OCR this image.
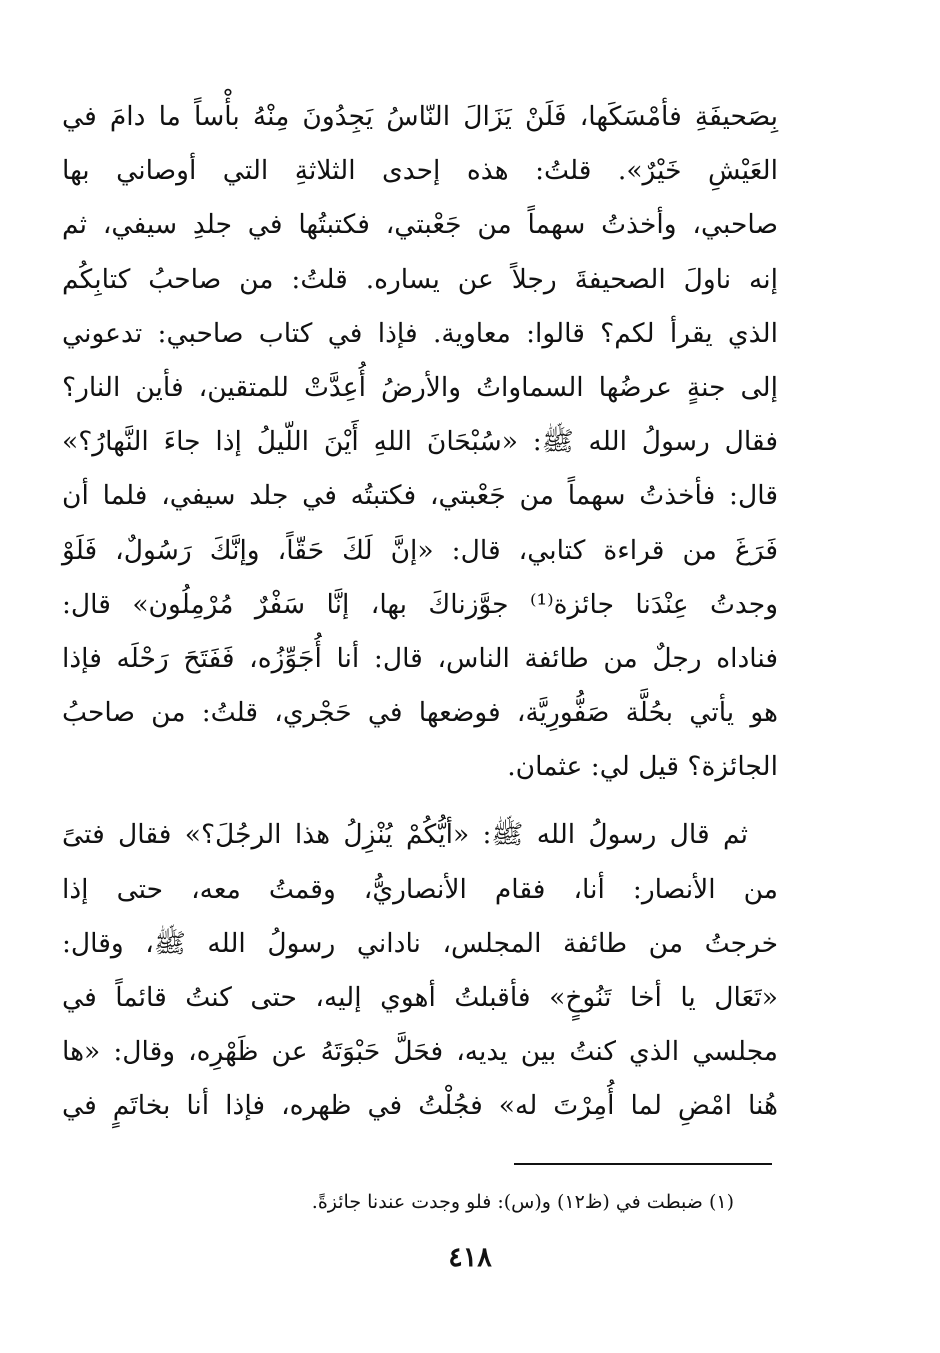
بِصَحيفَةِ فأمْسَكَها، فَلَنْ يَزَالَ النّاسُ يَجِدُونَ مِنْهُ بأْساً ما دامَ في
العَيْشِ خَيْرٌ». قلتُ: هذه إحدى الثلاثةِ التي أوصاني بها
صاحبي، وأخذتُ سهماً من جَعْبتي، فكتبتُها في جلدِ سيفي، ثم
إنه ناولَ الصحيفةَ رجلاً عن يساره. قلتُ: من صاحبُ كتابِكُم
الذي يقرأ لكم؟ قالوا: معاوية. فإذا في كتاب صاحبي: تدعوني
إلى جنةٍ عرضُها السماواتُ والأرضُ أُعِدَّتْ للمتقين، فأين النار؟
فقال رسولُ الله ﷺ: «سُبْحَانَ اللهِ أَيْنَ اللّيلُ إذا جاءَ النَّهارُ؟»
قال: فأخذتُ سهماً من جَعْبتي، فكتبتُه في جلد سيفي، فلما أن
فَرَغَ من قراءة كتابي، قال: «إنَّ لَكَ حَقّاً، وإنَّكَ رَسُولٌ، فَلَوْ
وجدتُ عِنْدَنا جائزة⁽¹⁾ جوَّزناكَ بها، إنَّا سَفْرٌ مُرْمِلُون» قال:
فناداه رجلٌ من طائفة الناس، قال: أنا أُجَوِّزُه، فَفَتَحَ رَحْلَه فإذا
هو يأتي بحُلَّة صَفُّورِيَّة، فوضعها في حَجْري، قلتُ: من صاحبُ
الجائزة؟ قيل لي: عثمان.
ثم قال رسولُ الله ﷺ: «أيُّكُمْ يُنْزِلُ هذا الرجُلَ؟» فقال فتىً
من الأنصار: أنا، فقام الأنصاريُّ، وقمتُ معه، حتى إذا
خرجتُ من طائفة المجلس، ناداني رسولُ الله ﷺ، وقال:
«تَعَال يا أخا تَنُوخٍ» فأقبلتُ أهوي إليه، حتى كنتُ قائماً في
مجلسي الذي كنتُ بين يديه، فحَلَّ حَبْوَتَهُ عن ظَهْرِه، وقال: «ها
هُنا امْضِ لما أُمِرْتَ له» فجُلْتُ في ظهره، فإذا أنا بخاتَمٍ في
(١) ضبطت في (ظ١٢) و(س): فلو وجدت عندنا جائزةً.
٤١٨
